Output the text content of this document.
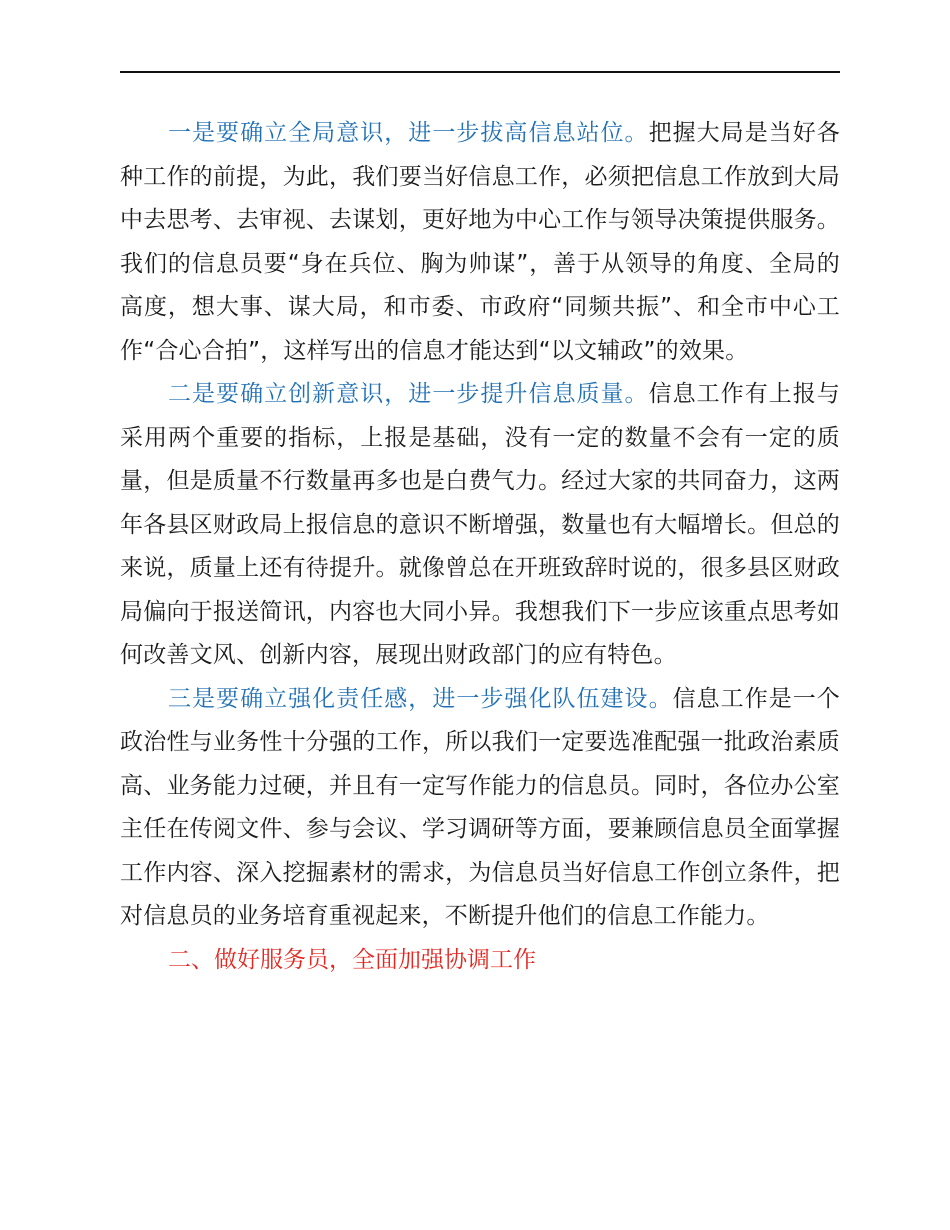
一是要确立全局意识，进一步拔高信息站位。把握大局是当好各种工作的前提，为此，我们要当好信息工作，必须把信息工作放到大局中去思考、去审视、去谋划，更好地为中心工作与领导决策提供服务。我们的信息员要“身在兵位、胸为帅谋”，善于从领导的角度、全局的高度，想大事、谋大局，和市委、市政府“同频共振”、和全市中心工作“合心合拍”，这样写出的信息才能达到“以文辅政”的效果。

二是要确立创新意识，进一步提升信息质量。信息工作有上报与采用两个重要的指标，上报是基础，没有一定的数量不会有一定的质量，但是质量不行数量再多也是白费气力。经过大家的共同奋力，这两年各县区财政局上报信息的意识不断增强，数量也有大幅增长。但总的来说，质量上还有待提升。就像曾总在开班致辞时说的，很多县区财政局偏向于报送简讯，内容也大同小异。我想我们下一步应该重点思考如何改善文风、创新内容，展现出财政部门的应有特色。

三是要确立强化责任感，进一步强化队伍建设。信息工作是一个政治性与业务性十分强的工作，所以我们一定要选准配强一批政治素质高、业务能力过硬，并且有一定写作能力的信息员。同时，各位办公室主任在传阅文件、参与会议、学习调研等方面，要兼顾信息员全面掌握工作内容、深入挖掘素材的需求，为信息员当好信息工作创立条件，把对信息员的业务培育重视起来，不断提升他们的信息工作能力。

二、做好服务员，全面加强协调工作
